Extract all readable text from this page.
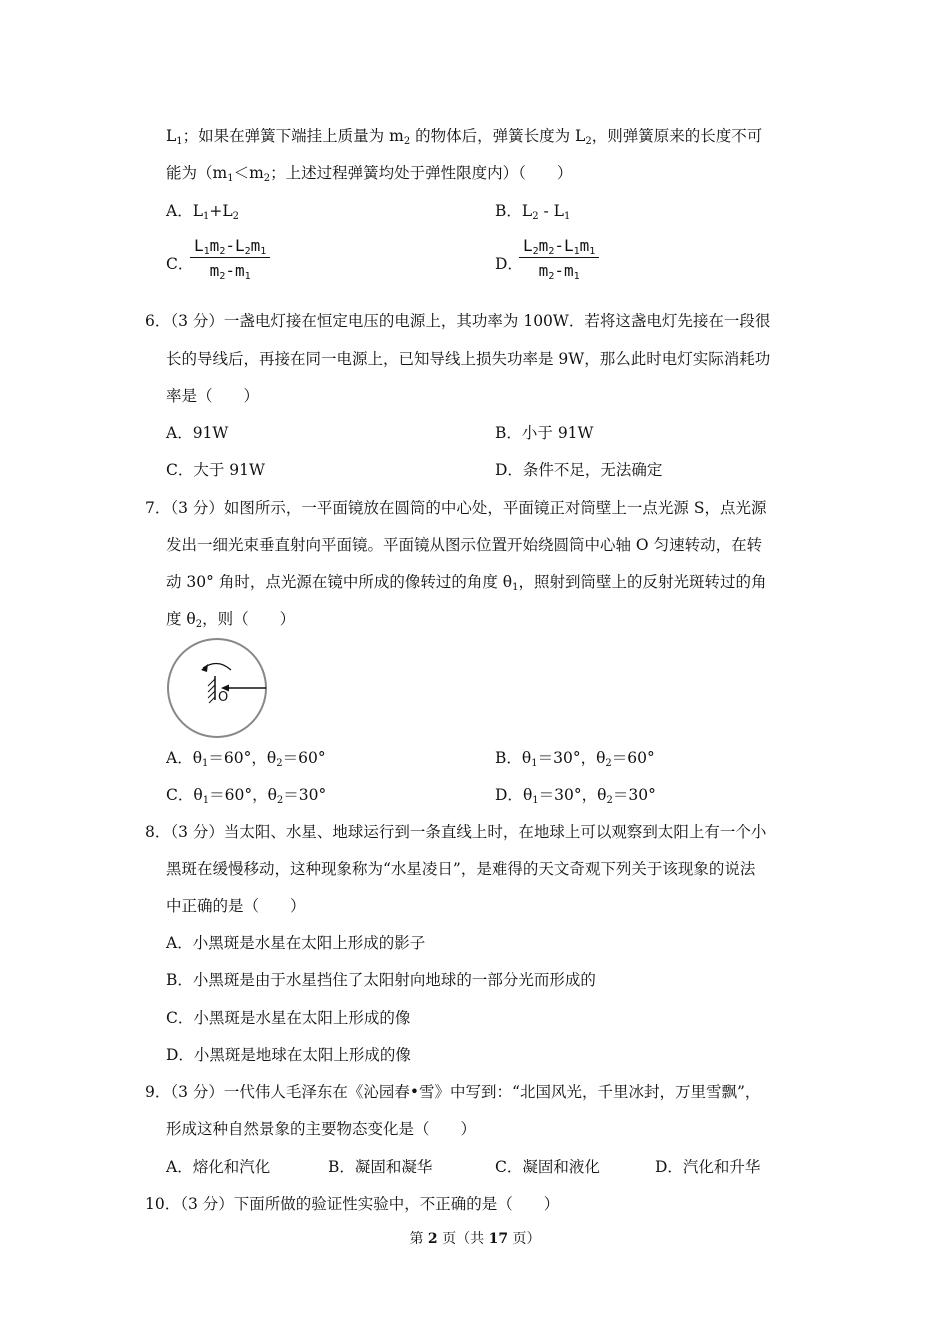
$L_1$；如果在弹簧下端挂上质量为 $m_2$ 的物体后，弹簧长度为 $L_2$，则弹簧原来的长度不可
能为（$m_1<m_2$；上述过程弹簧均处于弹性限度内）（　　）
A．$L_1+L_2$	B．$L_2 - L_1$
C．
$\frac{L_1m_2-L_2m_1}{m_2-m_1}$	D．
$\frac{L_2m_2-L_1m_1}{m_2-m_1}$
6．（3 分）一盏电灯接在恒定电压的电源上，其功率为 100W．若将这盏电灯先接在一段很
长的导线后，再接在同一电源上，已知导线上损失功率是 9W，那么此时电灯实际消耗功
率是（　　）
A．91W	B．小于 91W
C．大于 91W	D．条件不足，无法确定
7．（3 分）如图所示，一平面镜放在圆筒的中心处，平面镜正对筒壁上一点光源 S，点光源
发出一细光束垂直射向平面镜。平面镜从图示位置开始绕圆筒中心轴 O 匀速转动，在转
动 30° 角时，点光源在镜中所成的像转过的角度 $\theta_1$，照射到筒壁上的反射光斑转过的角
度 $\theta_2$，则（　　）
O
A．$\theta_1=60^\circ$，$\theta_2=60^\circ$	B．$\theta_1=30^\circ$，$\theta_2=60^\circ$
C．$\theta_1=60^\circ$，$\theta_2=30^\circ$	D．$\theta_1=30^\circ$，$\theta_2=30^\circ$
8．（3 分）当太阳、水星、地球运行到一条直线上时，在地球上可以观察到太阳上有一个小
黑斑在缓慢移动，这种现象称为“水星凌日”，是难得的天文奇观下列关于该现象的说法
中正确的是（　　）
A．小黑斑是水星在太阳上形成的影子
B．小黑斑是由于水星挡住了太阳射向地球的一部分光而形成的
C．小黑斑是水星在太阳上形成的像
D．小黑斑是地球在太阳上形成的像
9．（3 分）一代伟人毛泽东在《沁园春•雪》中写到：“北国风光，千里冰封，万里雪飘”，
形成这种自然景象的主要物态变化是（　　）
A．熔化和汽化	B．凝固和凝华	C．凝固和液化	D．汽化和升华
10．（3 分）下面所做的验证性实验中，不正确的是（　　）
第 2 页（共 17 页）
